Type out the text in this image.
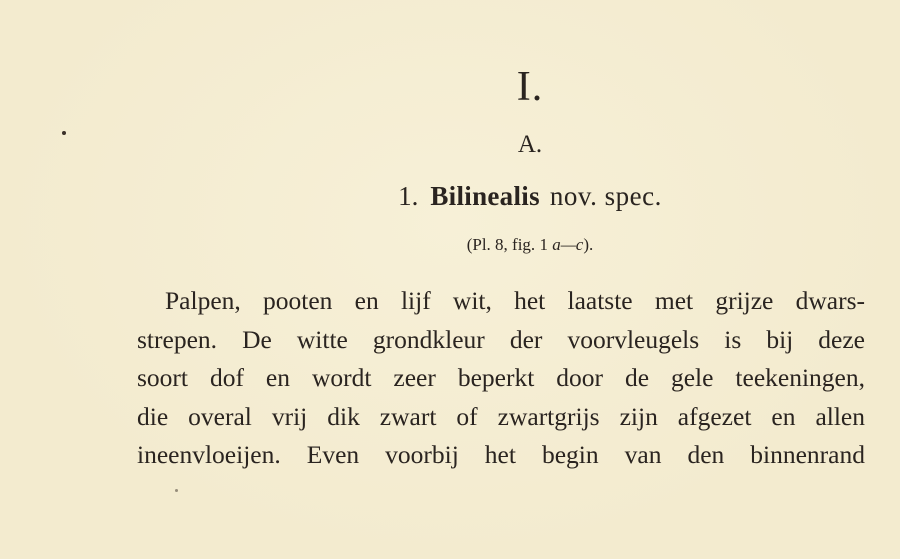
I.
A.
1. Bilinealis nov. spec.
(Pl. 8, fig. 1 a—c).
Palpen, pooten en lijf wit, het laatste met grijze dwars-
strepen. De witte grondkleur der voorvleugels is bij deze
soort dof en wordt zeer beperkt door de gele teekeningen,
die overal vrij dik zwart of zwartgrijs zijn afgezet en allen
ineenvloeijen. Even voorbij het begin van den binnenrand
